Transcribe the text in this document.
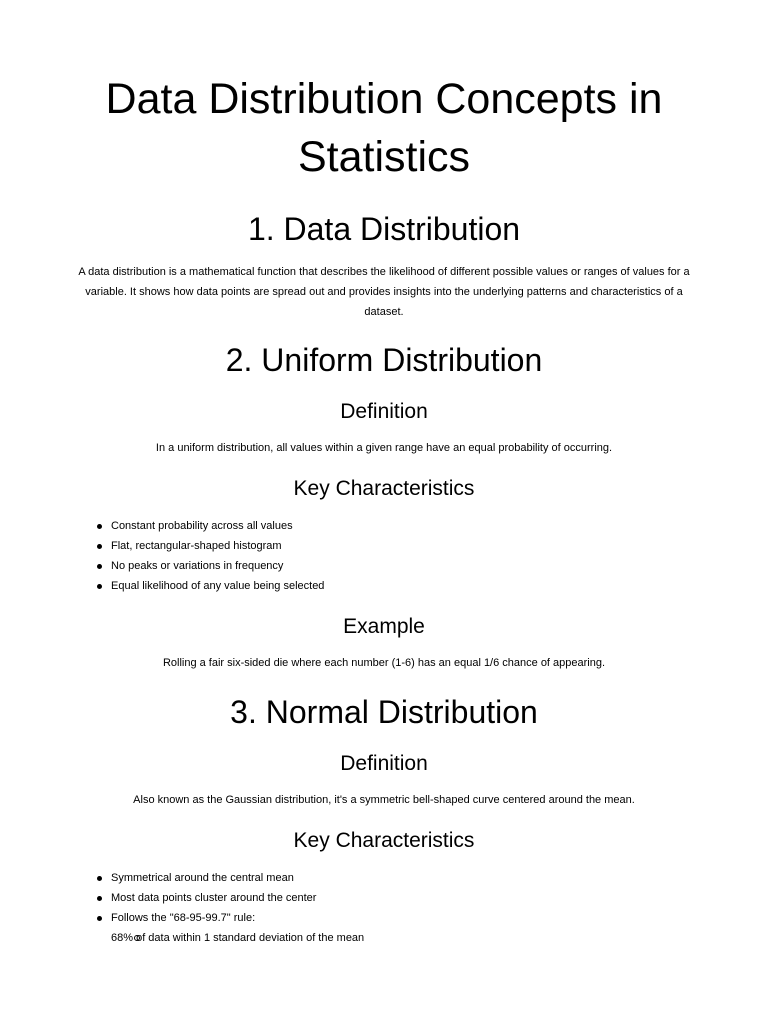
Data Distribution Concepts in Statistics
1. Data Distribution

A data distribution is a mathematical function that describes the likelihood of different possible values or ranges of values for a variable. It shows how data points are spread out and provides insights into the underlying patterns and characteristics of a dataset.

2. Uniform Distribution
Definition

In a uniform distribution, all values within a given range have an equal probability of occurring.

Key Characteristics
Constant probability across all values
Flat, rectangular-shaped histogram
No peaks or variations in frequency
Equal likelihood of any value being selected
Example

Rolling a fair six-sided die where each number (1-6) has an equal 1/6 chance of appearing.

3. Normal Distribution
Definition

Also known as the Gaussian distribution, it's a symmetric bell-shaped curve centered around the mean.

Key Characteristics
Symmetrical around the central mean
Most data points cluster around the center
Follows the "68-95-99.7" rule:
68% of data within 1 standard deviation of the mean
